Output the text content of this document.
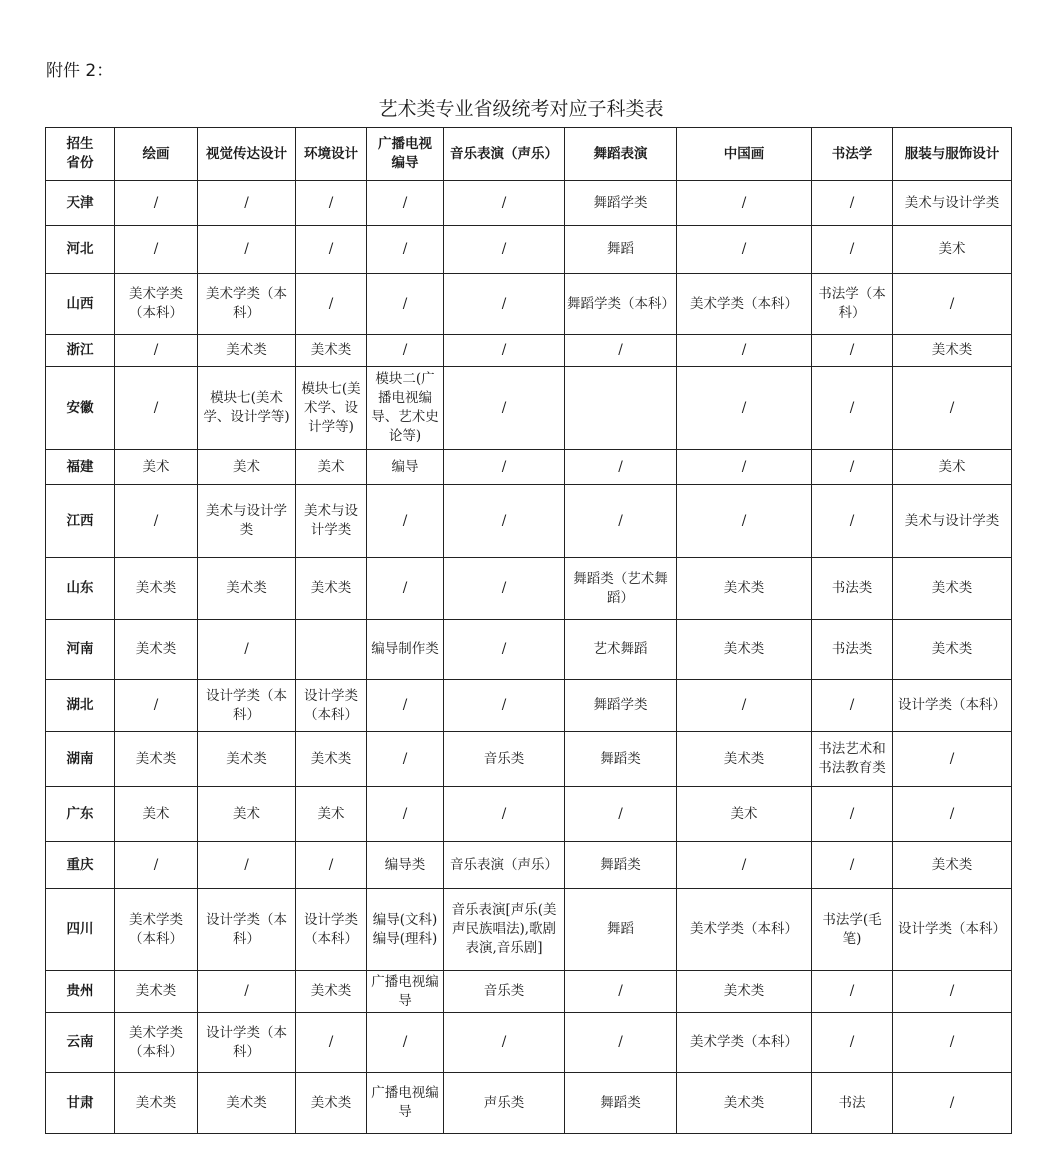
附件 2：
艺术类专业省级统考对应子科类表
招生省份	绘画	视觉传达设计	环境设计	广播电视编导	音乐表演（声乐）	舞蹈表演	中国画	书法学	服装与服饰设计
天津	/	/	/	/	/	舞蹈学类	/	/	美术与设计学类
河北	/	/	/	/	/	舞蹈	/	/	美术
山西	美术学类（本科）	美术学类（本科）	/	/	/	舞蹈学类（本科）	美术学类（本科）	书法学（本科）	/
浙江	/	美术类	美术类	/	/	/	/	/	美术类
安徽	/	模块七(美术学、设计学等)	模块七(美术学、设计学等)	模块二(广播电视编导、艺术史论等)	/		/	/	/
福建	美术	美术	美术	编导	/	/	/	/	美术
江西	/	美术与设计学类	美术与设计学类	/	/	/	/	/	美术与设计学类
山东	美术类	美术类	美术类	/	/	舞蹈类（艺术舞蹈）	美术类	书法类	美术类
河南	美术类	/		编导制作类	/	艺术舞蹈	美术类	书法类	美术类
湖北	/	设计学类（本科）	设计学类（本科）	/	/	舞蹈学类	/	/	设计学类（本科）
湖南	美术类	美术类	美术类	/	音乐类	舞蹈类	美术类	书法艺术和书法教育类	/
广东	美术	美术	美术	/	/	/	美术	/	/
重庆	/	/	/	编导类	音乐表演（声乐）	舞蹈类	/	/	美术类
四川	美术学类（本科）	设计学类（本科）	设计学类（本科）	编导(文科)编导(理科)	音乐表演[声乐(美声民族唱法),歌剧表演,音乐剧]	舞蹈	美术学类（本科）	书法学(毛笔)	设计学类（本科）
贵州	美术类	/	美术类	广播电视编导	音乐类	/	美术类	/	/
云南	美术学类（本科）	设计学类（本科）	/	/	/	/	美术学类（本科）	/	/
甘肃	美术类	美术类	美术类	广播电视编导	声乐类	舞蹈类	美术类	书法	/
